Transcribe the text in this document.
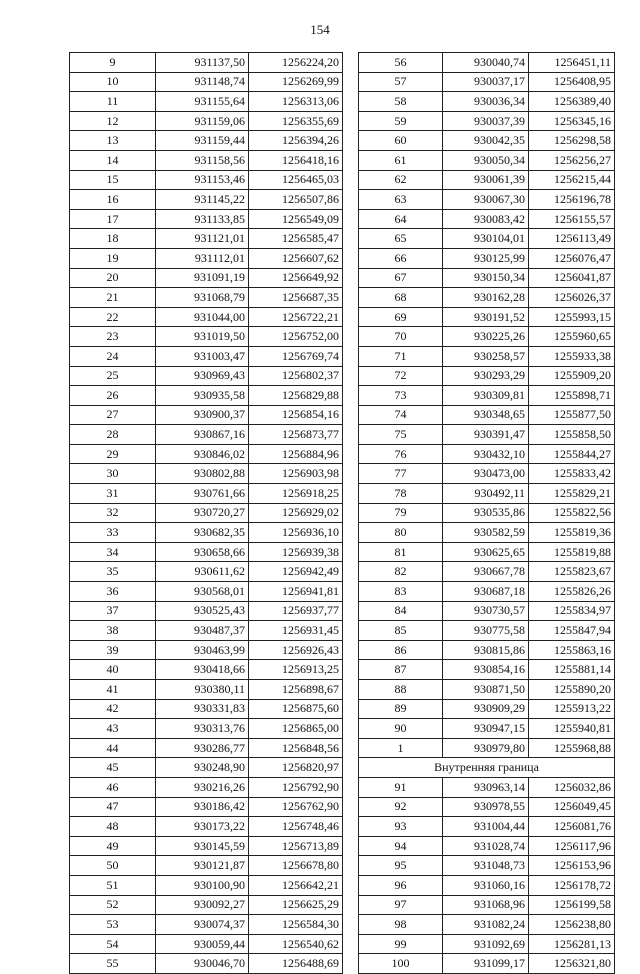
154
9	931137,50	1256224,20
10	931148,74	1256269,99
11	931155,64	1256313,06
12	931159,06	1256355,69
13	931159,44	1256394,26
14	931158,56	1256418,16
15	931153,46	1256465,03
16	931145,22	1256507,86
17	931133,85	1256549,09
18	931121,01	1256585,47
19	931112,01	1256607,62
20	931091,19	1256649,92
21	931068,79	1256687,35
22	931044,00	1256722,21
23	931019,50	1256752,00
24	931003,47	1256769,74
25	930969,43	1256802,37
26	930935,58	1256829,88
27	930900,37	1256854,16
28	930867,16	1256873,77
29	930846,02	1256884,96
30	930802,88	1256903,98
31	930761,66	1256918,25
32	930720,27	1256929,02
33	930682,35	1256936,10
34	930658,66	1256939,38
35	930611,62	1256942,49
36	930568,01	1256941,81
37	930525,43	1256937,77
38	930487,37	1256931,45
39	930463,99	1256926,43
40	930418,66	1256913,25
41	930380,11	1256898,67
42	930331,83	1256875,60
43	930313,76	1256865,00
44	930286,77	1256848,56
45	930248,90	1256820,97
46	930216,26	1256792,90
47	930186,42	1256762,90
48	930173,22	1256748,46
49	930145,59	1256713,89
50	930121,87	1256678,80
51	930100,90	1256642,21
52	930092,27	1256625,29
53	930074,37	1256584,30
54	930059,44	1256540,62
55	930046,70	1256488,69
56	930040,74	1256451,11
57	930037,17	1256408,95
58	930036,34	1256389,40
59	930037,39	1256345,16
60	930042,35	1256298,58
61	930050,34	1256256,27
62	930061,39	1256215,44
63	930067,30	1256196,78
64	930083,42	1256155,57
65	930104,01	1256113,49
66	930125,99	1256076,47
67	930150,34	1256041,87
68	930162,28	1256026,37
69	930191,52	1255993,15
70	930225,26	1255960,65
71	930258,57	1255933,38
72	930293,29	1255909,20
73	930309,81	1255898,71
74	930348,65	1255877,50
75	930391,47	1255858,50
76	930432,10	1255844,27
77	930473,00	1255833,42
78	930492,11	1255829,21
79	930535,86	1255822,56
80	930582,59	1255819,36
81	930625,65	1255819,88
82	930667,78	1255823,67
83	930687,18	1255826,26
84	930730,57	1255834,97
85	930775,58	1255847,94
86	930815,86	1255863,16
87	930854,16	1255881,14
88	930871,50	1255890,20
89	930909,29	1255913,22
90	930947,15	1255940,81
1	930979,80	1255968,88
Внутренняя граница		
91	930963,14	1256032,86
92	930978,55	1256049,45
93	931004,44	1256081,76
94	931028,74	1256117,96
95	931048,73	1256153,96
96	931060,16	1256178,72
97	931068,96	1256199,58
98	931082,24	1256238,80
99	931092,69	1256281,13
100	931099,17	1256321,80
